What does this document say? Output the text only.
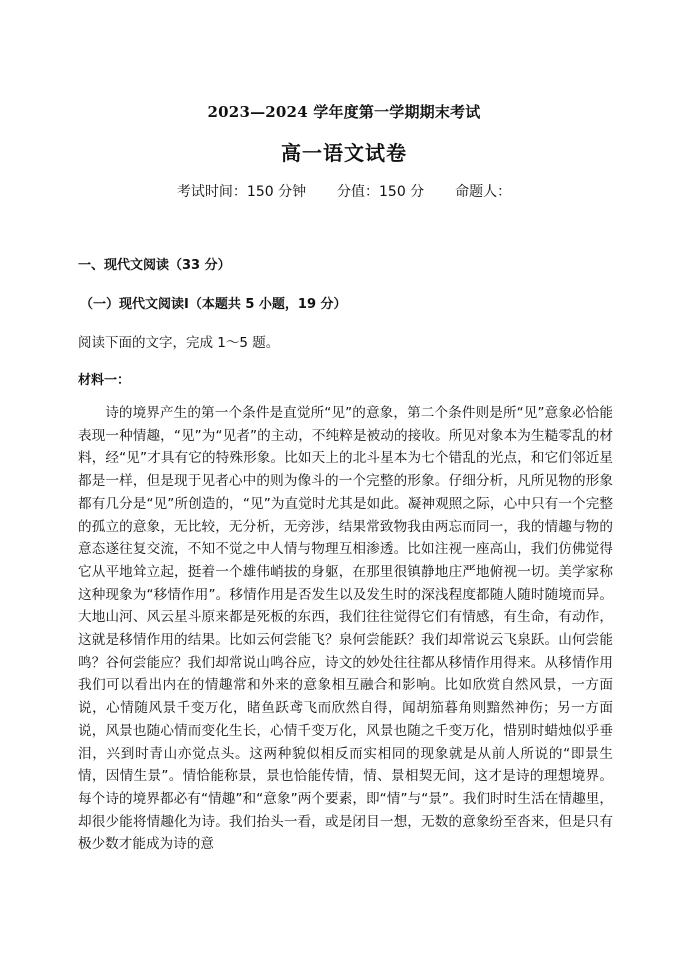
2023—2024 学年度第一学期期末考试
高一语文试卷
考试时间：150 分钟 分值：150 分 命题人：
一、现代文阅读（33 分）
（一）现代文阅读Ⅰ（本题共 5 小题，19 分）
阅读下面的文字，完成 1～5 题。
材料一：

诗的境界产生的第一个条件是直觉所“见”的意象，第二个条件则是所“见”意象必恰能表现一种情趣，“见”为“见者”的主动，不纯粹是被动的接收。所见对象本为生糙零乱的材料，经“见”才具有它的特殊形象。比如天上的北斗星本为七个错乱的光点，和它们邻近星都是一样，但是现于见者心中的则为像斗的一个完整的形象。仔细分析，凡所见物的形象都有几分是“见”所创造的，“见”为直觉时尤其是如此。凝神观照之际，心中只有一个完整的孤立的意象，无比较，无分析，无旁涉，结果常致物我由两忘而同一，我的情趣与物的意态遂往复交流，不知不觉之中人情与物理互相渗透。比如注视一座高山，我们仿佛觉得它从平地耸立起，挺着一个雄伟峭拔的身躯，在那里很镇静地庄严地俯视一切。美学家称这种现象为“移情作用”。移情作用是否发生以及发生时的深浅程度都随人随时随境而异。大地山河、风云星斗原来都是死板的东西，我们往往觉得它们有情感，有生命，有动作，这就是移情作用的结果。比如云何尝能飞？泉何尝能跃？我们却常说云飞泉跃。山何尝能鸣？谷何尝能应？我们却常说山鸣谷应，诗文的妙处往往都从移情作用得来。从移情作用我们可以看出内在的情趣常和外来的意象相互融合和影响。比如欣赏自然风景，一方面说，心情随风景千变万化，睹鱼跃鸢飞而欣然自得，闻胡笳暮角则黯然神伤；另一方面说，风景也随心情而变化生长，心情千变万化，风景也随之千变万化，惜别时蜡烛似乎垂泪，兴到时青山亦觉点头。这两种貌似相反而实相同的现象就是从前人所说的“即景生情，因情生景”。情恰能称景，景也恰能传情，情、景相契无间，这才是诗的理想境界。每个诗的境界都必有“情趣”和“意象”两个要素，即“情”与“景”。我们时时生活在情趣里，却很少能将情趣化为诗。我们抬头一看，或是闭目一想，无数的意象纷至沓来，但是只有极少数才能成为诗的意
